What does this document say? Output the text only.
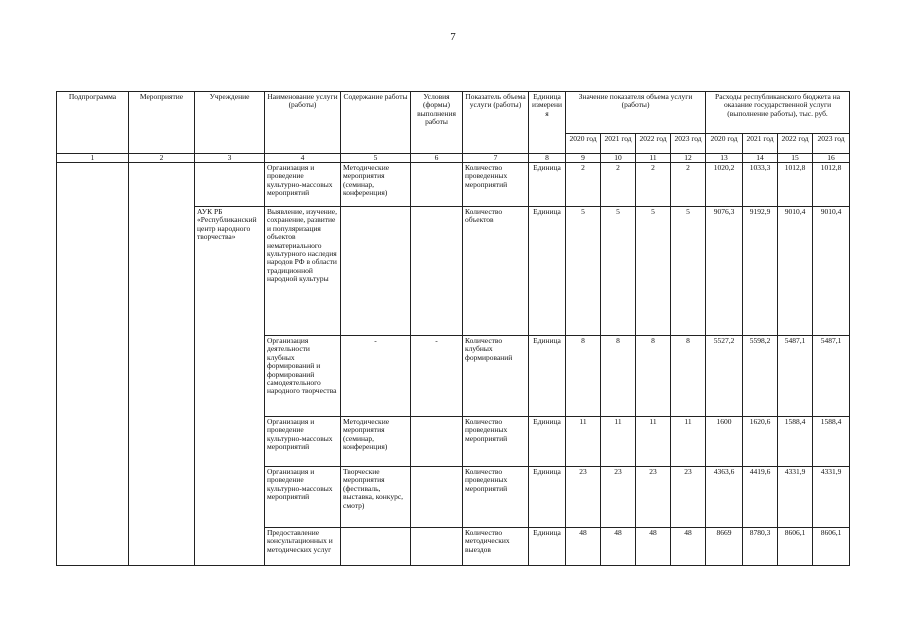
7
Подпрограмма	Мероприятие	Учреждение	Наименование услуги (работы)	Содержание работы	Условия (формы) выполнения работы	Показатель объема услуги (работы)	Единица измерения	Значение показателя объема услуги (работы)				Расходы республиканского бюджета на оказание государственной услуги (выполнение работы), тыс. руб.			
								2020 год	2021 год	2022 год	2023 год	2020 год	2021 год	2022 год	2023 год
1	2	3	4	5	6	7	8	9	10	11	12	13	14	15	16
			Организация и проведение культурно-массовых мероприятий	Методические мероприятия (семинар, конференция)		Количество проведенных мероприятий	Единица	2	2	2	2	1020,2	1033,3	1012,8	1012,8
		АУК РБ «Республиканский центр народного творчества»	Выявление, изучение, сохранение, развитие и популяризация объектов нематериального культурного наследия народов РФ в области традиционной народной культуры			Количество объектов	Единица	5	5	5	5	9076,3	9192,9	9010,4	9010,4
			Организация деятельности клубных формирований и формирований самодеятельного народного творчества	-	-	Количество клубных формирований	Единица	8	8	8	8	5527,2	5598,2	5487,1	5487,1
			Организация и проведение культурно-массовых мероприятий	Методические мероприятия (семинар, конференция)		Количество проведенных мероприятий	Единица	11	11	11	11	1600	1620,6	1588,4	1588,4
			Организация и проведение культурно-массовых мероприятий	Творческие мероприятия (фестиваль, выставка, конкурс, смотр)		Количество проведенных мероприятий	Единица	23	23	23	23	4363,6	4419,6	4331,9	4331,9
			Предоставление консультационных и методических услуг			Количество методических выездов	Единица	48	48	48	48	8669	8780,3	8606,1	8606,1
